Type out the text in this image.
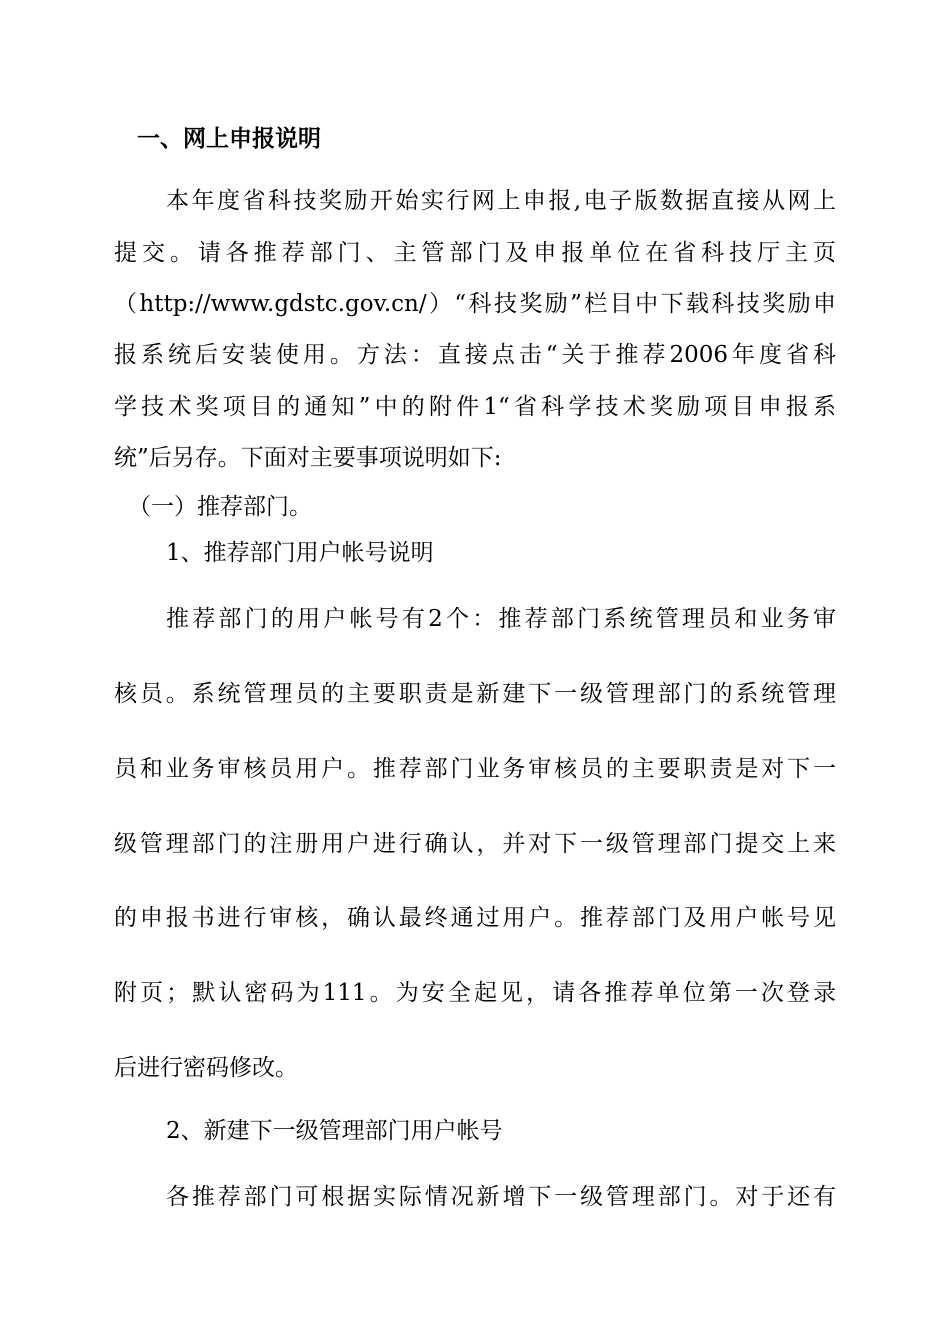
一、网上申报说明
本年度省科技奖励开始实行网上申报,电子版数据直接从网上
提交。请各推荐部门、主管部门及申报单位在省科技厅主页
（http://www.gdstc.gov.cn/）“科技奖励”栏目中下载科技奖励申
报系统后安装使用。方法：直接点击“关于推荐2006年度省科
学技术奖项目的通知”中的附件1“省科学技术奖励项目申报系
统”后另存。下面对主要事项说明如下:
（一）推荐部门。
1、推荐部门用户帐号说明
推荐部门的用户帐号有2个：推荐部门系统管理员和业务审
核员。系统管理员的主要职责是新建下一级管理部门的系统管理
员和业务审核员用户。推荐部门业务审核员的主要职责是对下一
级管理部门的注册用户进行确认，并对下一级管理部门提交上来
的申报书进行审核，确认最终通过用户。推荐部门及用户帐号见
附页；默认密码为111。为安全起见，请各推荐单位第一次登录
后进行密码修改。
2、新建下一级管理部门用户帐号
各推荐部门可根据实际情况新增下一级管理部门。对于还有
